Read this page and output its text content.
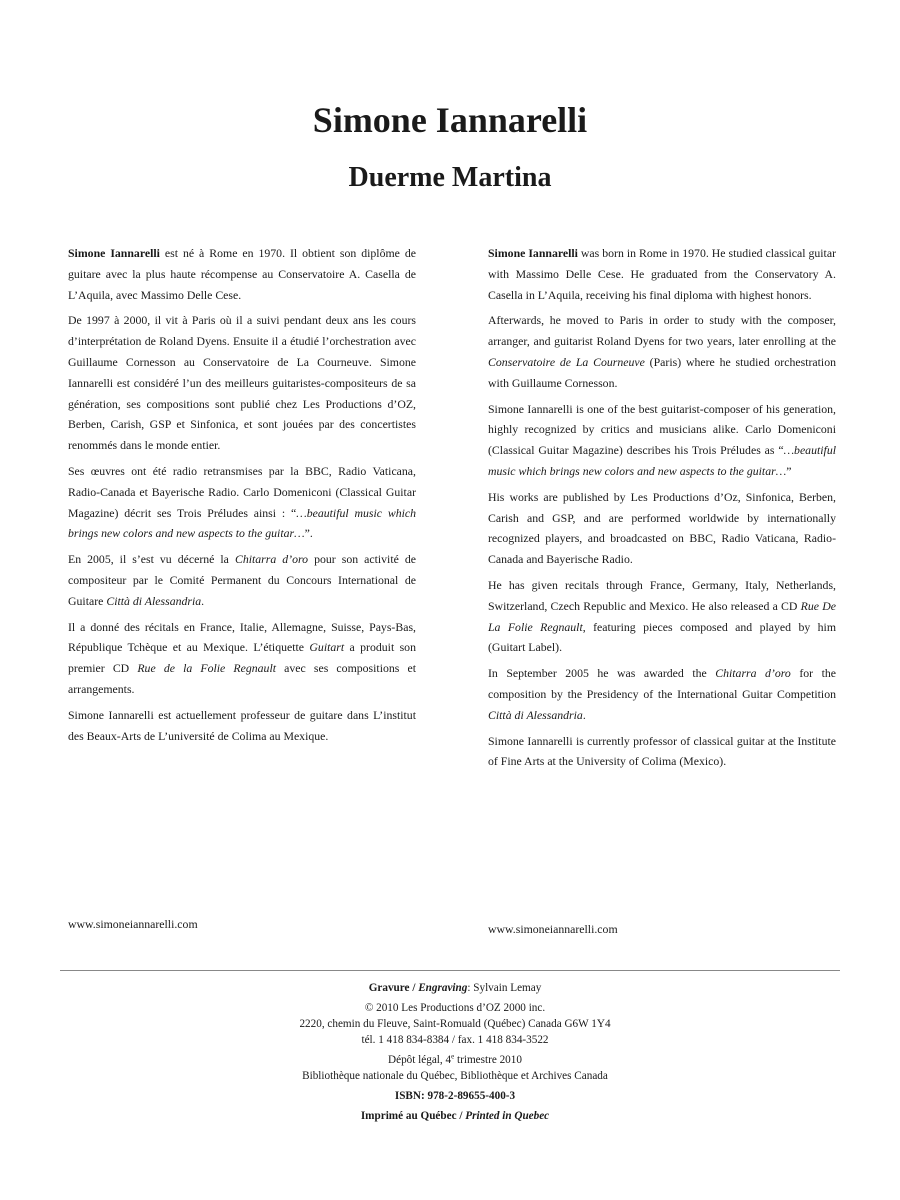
Simone Iannarelli
Duerme Martina

Simone Iannarelli est né à Rome en 1970. Il obtient son diplôme de guitare avec la plus haute récompense au Conservatoire A. Casella de L’Aquila, avec Massimo Delle Cese.

De 1997 à 2000, il vit à Paris où il a suivi pendant deux ans les cours d’interprétation de Roland Dyens. Ensuite il a étudié l’orchestration avec Guillaume Cornesson au Conservatoire de La Courneuve. Simone Iannarelli est considéré l’un des meilleurs guitaristes-compositeurs de sa génération, ses compositions sont publié chez Les Productions d’OZ, Berben, Carish, GSP et Sinfonica, et sont jouées par des concertistes renommés dans le monde entier.

Ses œuvres ont été radio retransmises par la BBC, Radio Vaticana, Radio-Canada et Bayerische Radio. Carlo Domeniconi (Classical Guitar Magazine) décrit ses Trois Préludes ainsi : “…beautiful music which brings new colors and new aspects to the guitar…”.

En 2005, il s’est vu décerné la Chitarra d’oro pour son activité de compositeur par le Comité Permanent du Concours International de Guitare Città di Alessandria.

Il a donné des récitals en France, Italie, Allemagne, Suisse, Pays-Bas, République Tchèque et au Mexique. L’étiquette Guitart a produit son premier CD Rue de la Folie Regnault avec ses compositions et arrangements.

Simone Iannarelli est actuellement professeur de guitare dans L’institut des Beaux-Arts de L’université de Colima au Mexique.

www.simoneiannarelli.com

Simone Iannarelli was born in Rome in 1970. He studied classical guitar with Massimo Delle Cese. He graduated from the Conservatory A. Casella in L’Aquila, receiving his final diploma with highest honors.

Afterwards, he moved to Paris in order to study with the composer, arranger, and guitarist Roland Dyens for two years, later enrolling at the Conservatoire de La Courneuve (Paris) where he studied orchestration with Guillaume Cornesson.

Simone Iannarelli is one of the best guitarist-composer of his generation, highly recognized by critics and musicians alike. Carlo Domeniconi (Classical Guitar Magazine) describes his Trois Préludes as “…beautiful music which brings new colors and new aspects to the guitar…”

His works are published by Les Productions d’Oz, Sinfonica, Berben, Carish and GSP, and are performed worldwide by internationally recognized players, and broadcasted on BBC, Radio Vaticana, Radio-Canada and Bayerische Radio.

He has given recitals through France, Germany, Italy, Netherlands, Switzerland, Czech Republic and Mexico. He also released a CD Rue De La Folie Regnault, featuring pieces composed and played by him (Guitart Label).

In September 2005 he was awarded the Chitarra d’oro for the composition by the Presidency of the International Guitar Competition Città di Alessandria.

Simone Iannarelli is currently professor of classical guitar at the Institute of Fine Arts at the University of Colima (Mexico).

www.simoneiannarelli.com
Gravure / Engraving: Sylvain Lemay
© 2010 Les Productions d’OZ 2000 inc.
2220, chemin du Fleuve, Saint-Romuald (Québec) Canada G6W 1Y4
tél. 1 418 834-8384 / fax. 1 418 834-3522
Dépôt légal, 4e trimestre 2010
Bibliothèque nationale du Québec, Bibliothèque et Archives Canada
ISBN: 978-2-89655-400-3
Imprimé au Québec / Printed in Quebec
